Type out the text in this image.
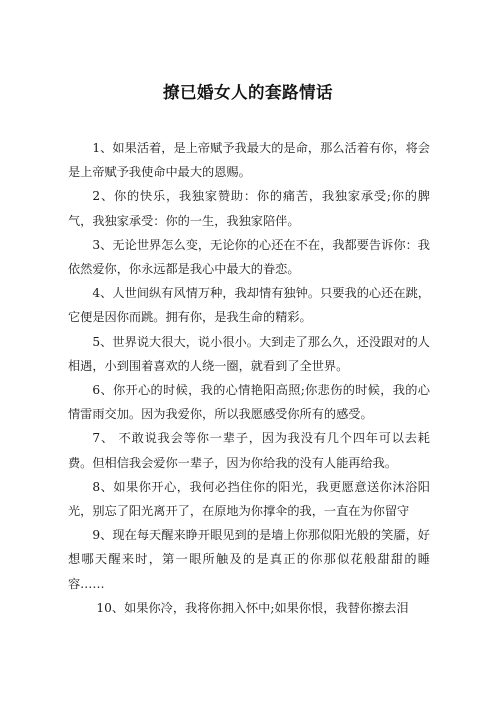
撩已婚女人的套路情话

1、如果活着，是上帝赋予我最大的是命，那么活着有你，将会是上帝赋予我使命中最大的恩赐。

2、你的快乐，我独家赞助：你的痛苦，我独家承受;你的脾气，我独家承受：你的一生，我独家陪伴。

3、无论世界怎么变，无论你的心还在不在，我都要告诉你：我依然爱你，你永远都是我心中最大的眷恋。

4、人世间纵有风情万种，我却情有独钟。只要我的心还在跳，它便是因你而跳。拥有你，是我生命的精彩。

5、世界说大很大，说小很小。大到走了那么久，还没跟对的人相遇，小到围着喜欢的人绕一圈，就看到了全世界。

6、你开心的时候，我的心情艳阳高照;你悲伤的时候，我的心情雷雨交加。因为我爱你，所以我愿感受你所有的感受。

7、 不敢说我会等你一辈子，因为我没有几个四年可以去耗费。但相信我会爱你一辈子，因为你给我的没有人能再给我。

8、如果你开心，我何必挡住你的阳光，我更愿意送你沐浴阳光，别忘了阳光离开了，在原地为你撑伞的我，一直在为你留守

9、现在每天醒来睁开眼见到的是墙上你那似阳光般的笑靥，好想哪天醒来时，第一眼所触及的是真正的你那似花般甜甜的睡容……

10、如果你冷，我将你拥入怀中;如果你恨，我替你擦去泪
